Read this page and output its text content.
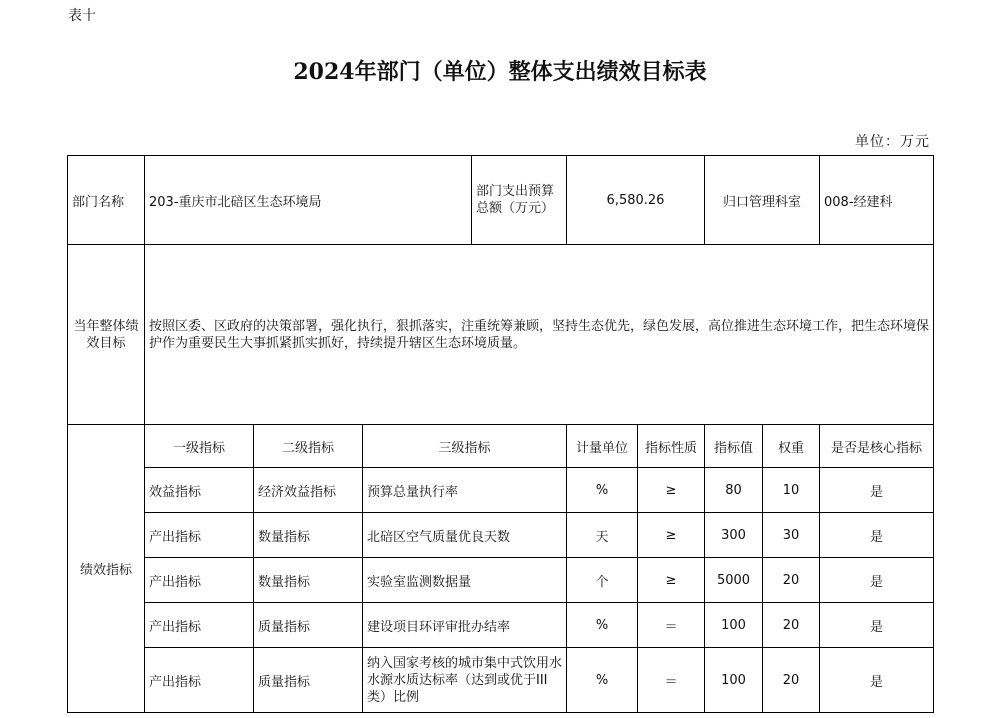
表十
2024年部门（单位）整体支出绩效目标表
单位：万元
部门名称	203-重庆市北碚区生态环境局			部门支出预算总额（万元）	6,580.26		归口管理科室		008-经建科
当年整体绩效目标	按照区委、区政府的决策部署，强化执行，狠抓落实，注重统筹兼顾，坚持生态优先，绿色发展，高位推进生态环境工作，把生态环境保护作为重要民生大事抓紧抓实抓好，持续提升辖区生态环境质量。								
绩效指标	一级指标	二级指标	三级指标		计量单位	指标性质	指标值	权重	是否是核心指标
	效益指标	经济效益指标	预算总量执行率		%	≥	80	10	是
	产出指标	数量指标	北碚区空气质量优良天数		天	≥	300	30	是
	产出指标	数量指标	实验室监测数据量		个	≥	5000	20	是
	产出指标	质量指标	建设项目环评审批办结率		%	＝	100	20	是
	产出指标	质量指标	纳入国家考核的城市集中式饮用水水源水质达标率（达到或优于III类）比例		%	＝	100	20	是
